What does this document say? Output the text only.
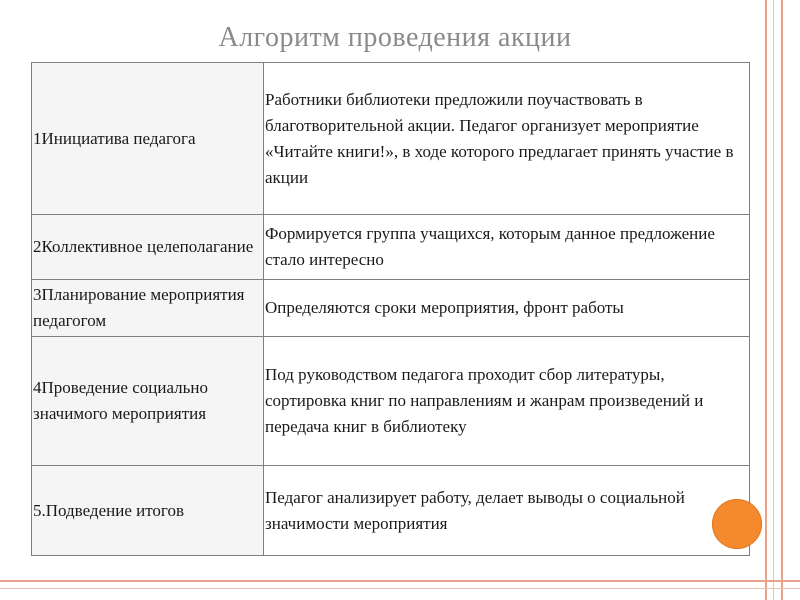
Алгоритм проведения акции
1Инициатива педагога	Работники библиотеки предложили поучаствовать в благотворительной акции. Педагог организует мероприятие «Читайте книги!», в ходе которого предлагает принять участие в акции
2Коллективное целеполагание	Формируется группа учащихся, которым данное предложение стало интересно
3Планирование мероприятия педагогом	Определяются сроки мероприятия, фронт работы
4Проведение социально значимого мероприятия	Под руководством педагога проходит сбор литературы, сортировка книг по направлениям и жанрам произведений и передача книг в библиотеку
5.Подведение итогов	Педагог анализирует работу, делает выводы о социальной значимости мероприятия
